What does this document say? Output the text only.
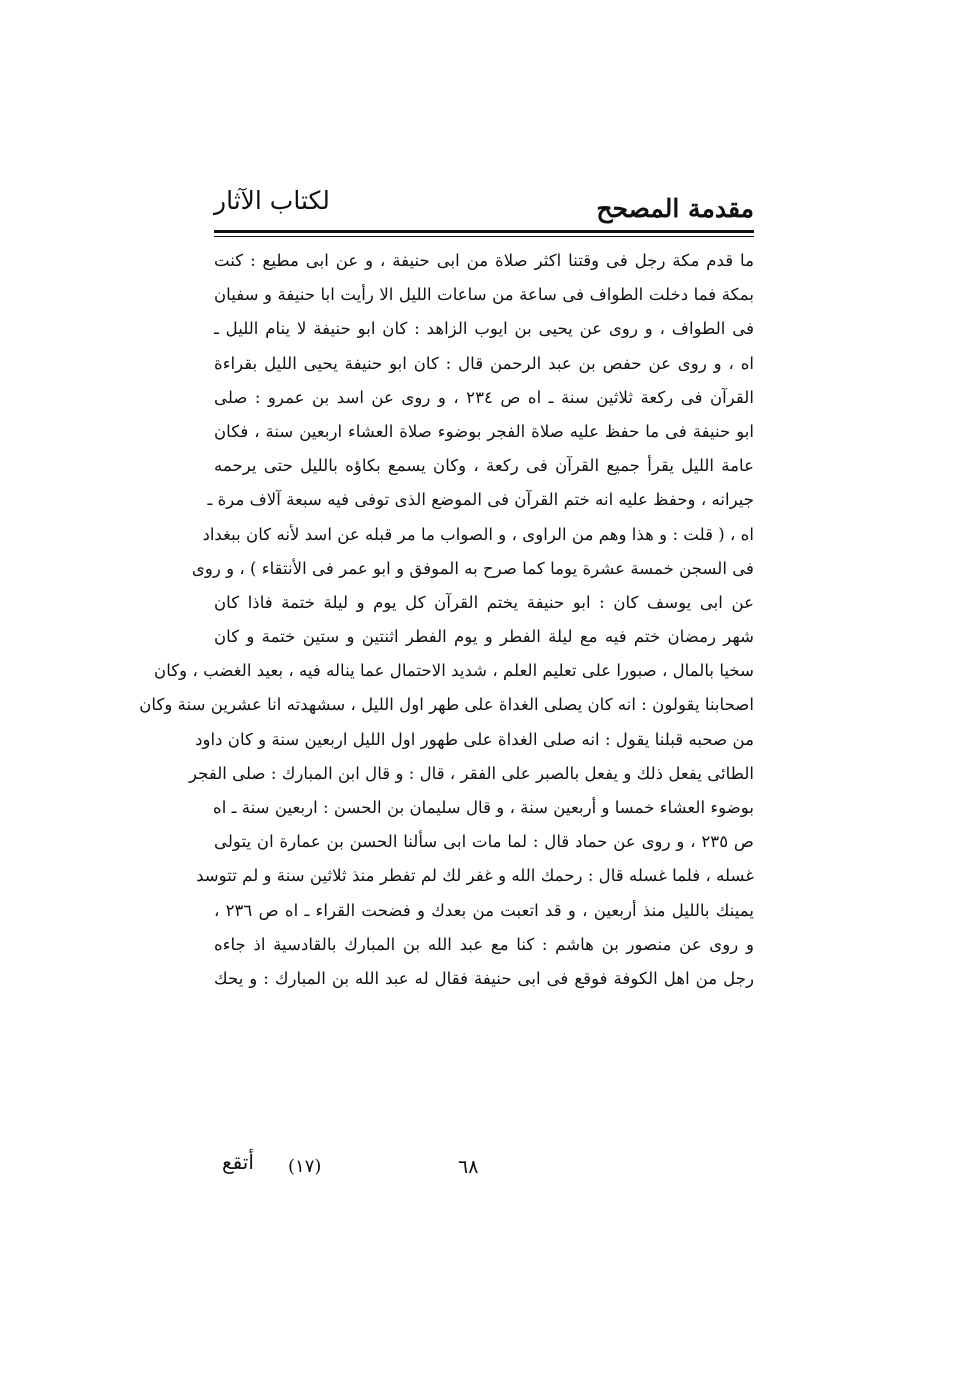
مقدمة المصحح
لكتاب الآثار
ما قدم مكة رجل فى وقتنا اكثر صلاة من ابى حنيفة ، و عن ابى مطيع : كنت
بمكة فما دخلت الطواف فى ساعة من ساعات الليل الا رأيت ابا حنيفة و سفيان
فى الطواف ، و روى عن يحيى بن ايوب الزاهد : كان ابو حنيفة لا ينام الليل ـ
اه ، و روى عن حفص بن عبد الرحمن قال : كان ابو حنيفة يحيى الليل بقراءة
القرآن فى ركعة ثلاثين سنة ـ اه ص ٢٣٤ ، و روى عن اسد بن عمرو : صلى
ابو حنيفة فى ما حفظ عليه صلاة الفجر بوضوء صلاة العشاء اربعين سنة ، فكان
عامة الليل يقرأ جميع القرآن فى ركعة ، وكان يسمع بكاؤه بالليل حتى يرحمه
جيرانه ، وحفظ عليه انه ختم القرآن فى الموضع الذى توفى فيه سبعة آلاف مرة ـ
اه ، ( قلت : و هذا وهم من الراوى ، و الصواب ما مر قبله عن اسد لأنه كان ببغداد
فى السجن خمسة عشرة يوما كما صرح به الموفق و ابو عمر فى الأنتقاء ) ، و روى
عن ابى يوسف كان : ابو حنيفة يختم القرآن كل يوم و ليلة ختمة فاذا كان
شهر رمضان ختم فيه مع ليلة الفطر و يوم الفطر اثنتين و ستين ختمة و كان
سخيا بالمال ، صبورا على تعليم العلم ، شديد الاحتمال عما يناله فيه ، بعيد الغضب ، وكان
اصحابنا يقولون : انه كان يصلى الغداة على طهر اول الليل ، سشهدته انا عشرين سنة وكان
من صحبه قبلنا يقول : انه صلى الغداة على طهور اول الليل اربعين سنة و كان داود
الطائى يفعل ذلك و يفعل بالصبر على الفقر ، قال : و قال ابن المبارك : صلى الفجر
بوضوء العشاء خمسا و أربعين سنة ، و قال سليمان بن الحسن : اربعين سنة ـ اه
ص ٢٣٥ ، و روى عن حماد قال : لما مات ابى سألنا الحسن بن عمارة ان يتولى
غسله ، فلما غسله قال : رحمك الله و غفر لك لم تفطر منذ ثلاثين سنة و لم تتوسد
يمينك بالليل منذ أربعين ، و قد اتعبت من بعدك و فضحت القراء ـ اه ص ٢٣٦ ،
و روى عن منصور بن هاشم : كنا مع عبد الله بن المبارك بالقادسية اذ جاءه
رجل من اهل الكوفة فوقع فى ابى حنيفة فقال له عبد الله بن المبارك : و يحك
أتقع (١٧)	٦٨
